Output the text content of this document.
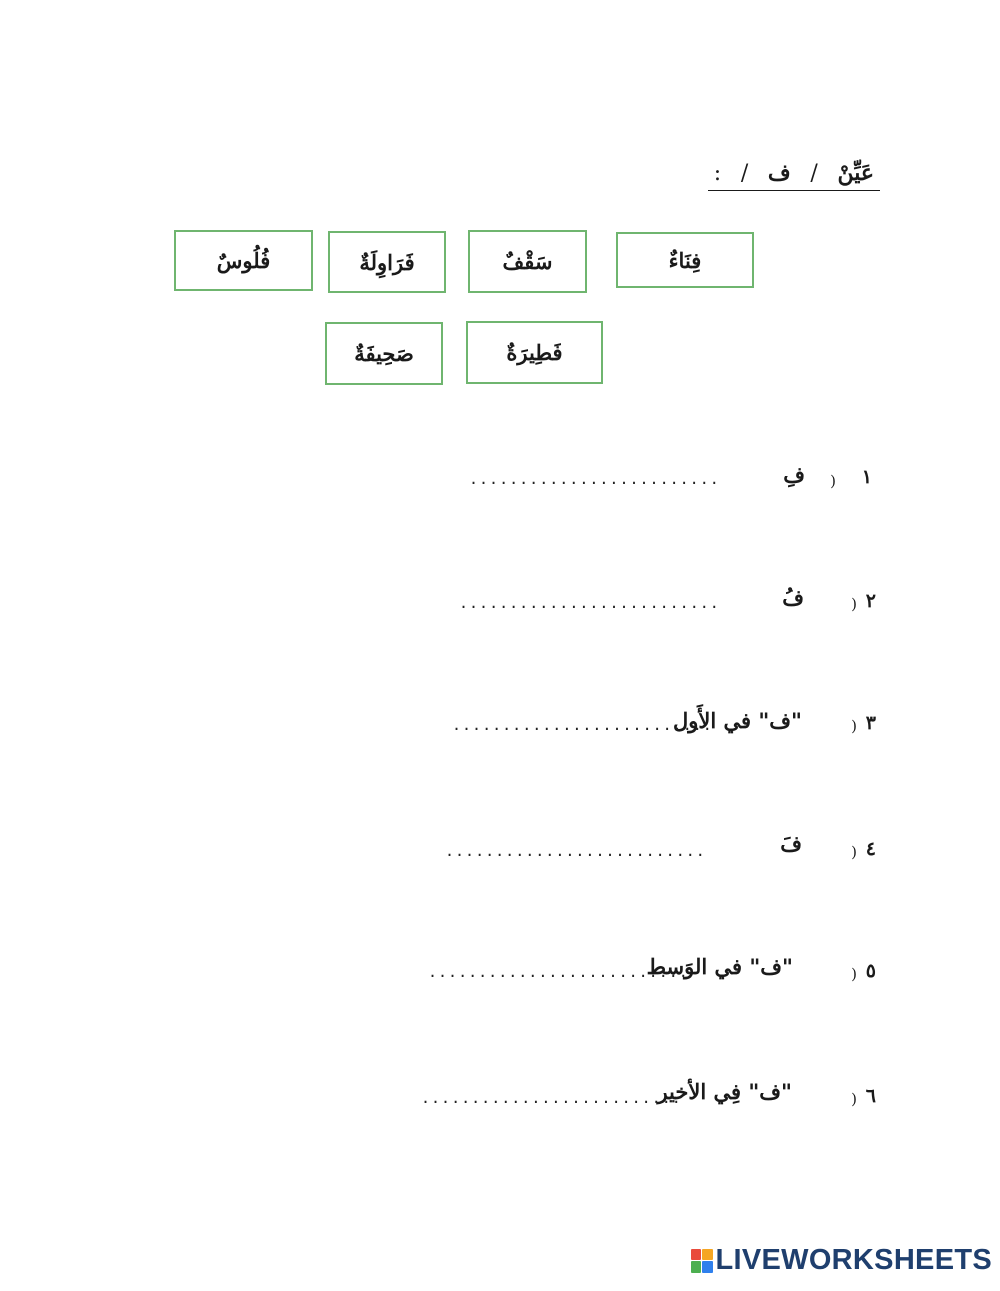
عَيِّنْ / ف / :
فِنَاءٌ
سَقْفٌ
فَرَاوِلَةٌ
فُلُوسٌ
فَطِيرَةٌ
صَحِيفَةٌ
١
)
فِ
.........................
٢
)
فُ
..........................
٣
)
"ف" في الأَول
..........................
٤
)
فَ
..........................
٥
)
"ف" في الوَسط
..........................
٦
)
"ف" فِي الأخير
..........................
LIVEWORKSHEETS
